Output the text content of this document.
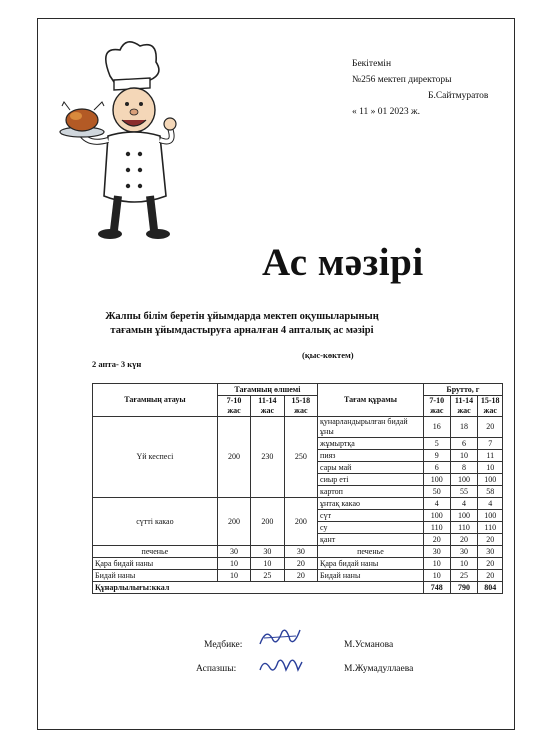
Бекітемін
№256 мектеп директоры
Б.Сайтмуратов
« 11 » 01 2023 ж.
Ас мәзірі
Жалпы білім беретін ұйымдарда мектеп оқушыларының тағамын ұйымдастыруға арналған 4 апталық ас мәзірі
(қыс-көктем)
2 апта- 3 күн
Тағамның атауы	Тағамның өлшемі			Тағам құрамы	Брутто, г		
	7-10 жас	11-14 жас	15-18 жас		7-10 жас	11-14 жас	15-18 жас
Үй кеспесі	200	230	250	қунарландырылған бидай ұны	16	18	20
				жұмыртқа	5	6	7
				пияз	9	10	11
				сары май	6	8	10
				сиыр еті	100	100	100
				картоп	50	55	58
сүтті какао	200	200	200	ұнтақ какао	4	4	4
				сүт	100	100	100
				су	110	110	110
				қант	20	20	20
печенье	30	30	30	печенье	30	30	30
Қара бидай наны	10	10	20	Қара бидай наны	10	10	20
Бидай наны	10	25	20	Бидай наны	10	25	20
Құнарлылығы:ккал					748	790	804
Медбике:	М.Усманова
Аспазшы:	М.Жумадуллаева
